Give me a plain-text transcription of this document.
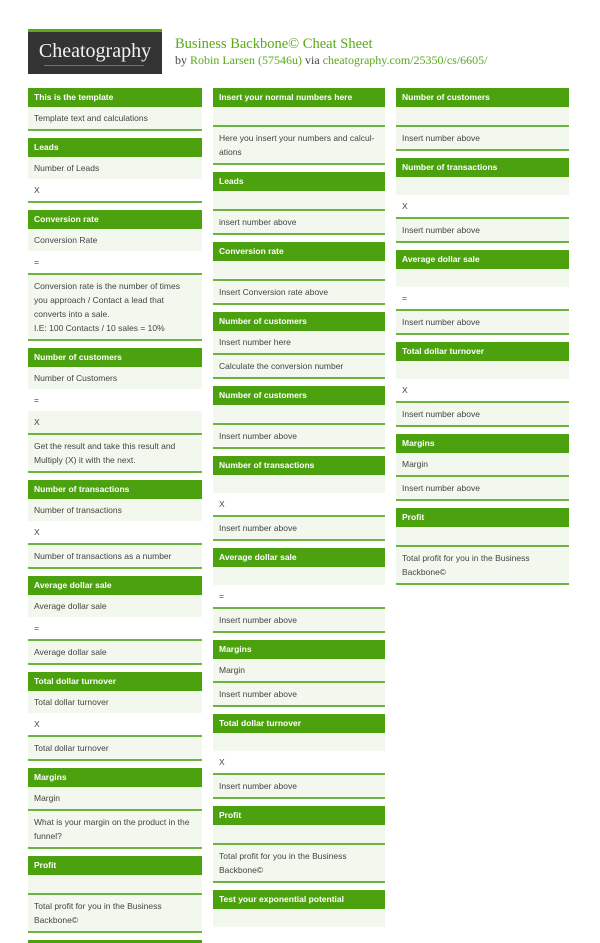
Cheatography	Business Backbone© Cheat Sheet
by Robin Larsen (57546u) via cheatography.com/25350/cs/6605/
This is the template
Template text and calculations
Leads
Number of Leads
X
Conversion rate
Conversion Rate
=
Conversion rate is the number of times you approach / Contact a lead that converts into a sale.
I.E: 100 Contacts / 10 sales = 10%
Number of customers
Number of Customers
=
X
Get the result and take this result and Multiply (X) it with the next.
Number of transactions
Number of transactions
X
Number of transactions as a number
Average dollar sale
Average dollar sale
=
Average dollar sale
Total dollar turnover
Total dollar turnover
X
Total dollar turnover
Margins
Margin
What is your margin on the product in the funnel?
Profit
Total profit for you in the Business Backbone©
Insert your normal numbers here
Here you insert your numbers and calcul-ations
Leads
insert number above
Conversion rate
Insert Conversion rate above
Number of customers
Insert number here
Calculate the conversion number
Number of customers
Insert number above
Number of transactions
X
Insert number above
Average dollar sale
=
Insert number above
Margins
Margin
Insert number above
Total dollar turnover
X
Insert number above
Profit
Total profit for you in the Business Backbone©
Test your exponential potential
Number of customers
Insert number above
Number of transactions
X
Insert number above
Average dollar sale
=
Insert number above
Total dollar turnover
X
Insert number above
Margins
Margin
Insert number above
Profit
Total profit for you in the Business Backbone©
